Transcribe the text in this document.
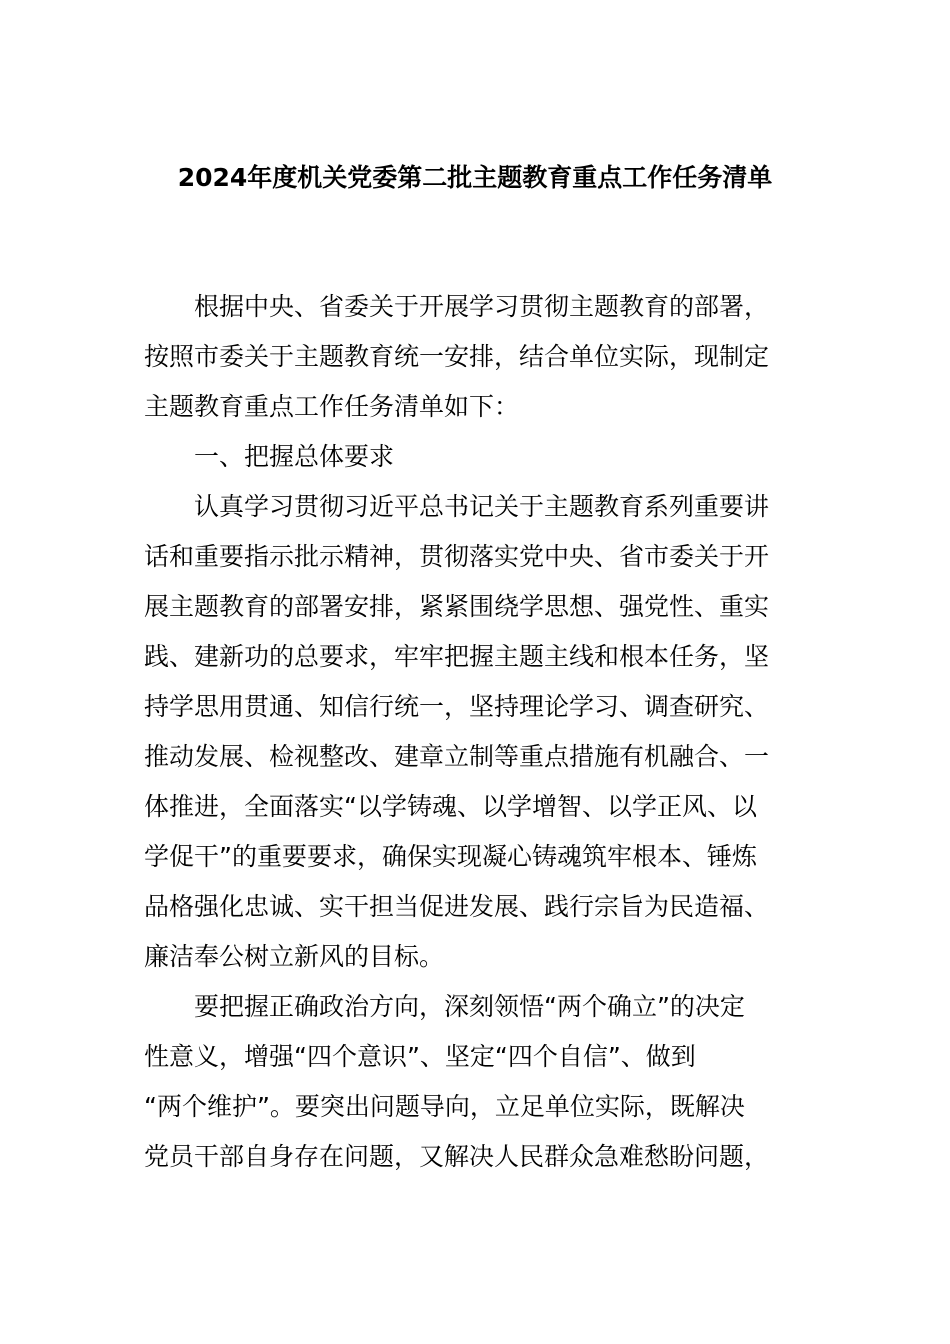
2024年度机关党委第二批主题教育重点工作任务清单
根据中央、省委关于开展学习贯彻主题教育的部署，
按照市委关于主题教育统一安排，结合单位实际，现制定
主题教育重点工作任务清单如下：
一、把握总体要求
认真学习贯彻习近平总书记关于主题教育系列重要讲
话和重要指示批示精神，贯彻落实党中央、省市委关于开
展主题教育的部署安排，紧紧围绕学思想、强党性、重实
践、建新功的总要求，牢牢把握主题主线和根本任务，坚
持学思用贯通、知信行统一，坚持理论学习、调查研究、
推动发展、检视整改、建章立制等重点措施有机融合、一
体推进，全面落实“以学铸魂、以学增智、以学正风、以
学促干”的重要要求，确保实现凝心铸魂筑牢根本、锤炼
品格强化忠诚、实干担当促进发展、践行宗旨为民造福、
廉洁奉公树立新风的目标。
要把握正确政治方向，深刻领悟“两个确立”的决定
性意义，增强“四个意识”、坚定“四个自信”、做到
“两个维护”。要突出问题导向，立足单位实际，既解决
党员干部自身存在问题，又解决人民群众急难愁盼问题，
